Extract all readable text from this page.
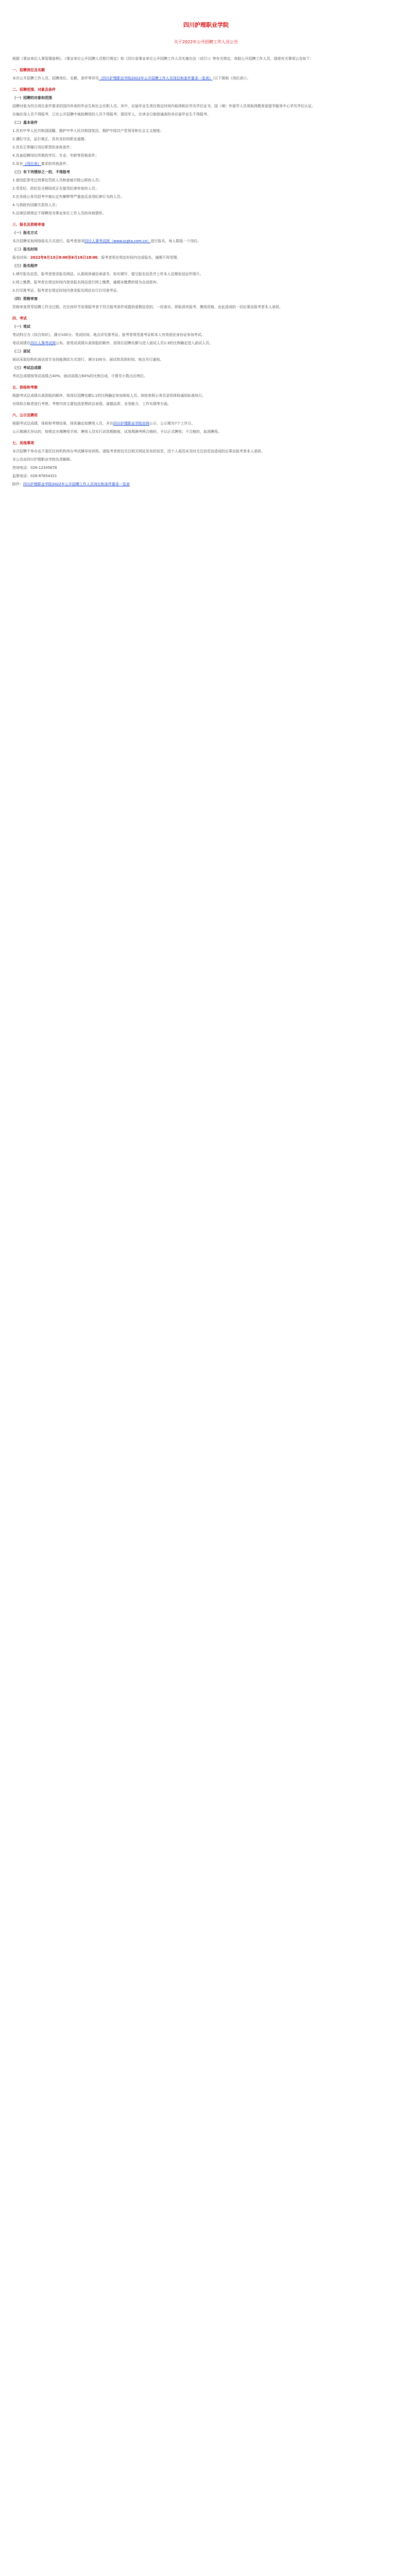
四川护理职业学院
关于2022年公开招聘工作人员公告

根据《事业单位人事管理条例》、《事业单位公开招聘人员暂行规定》和《四川省事业单位公开招聘工作人员实施办法（试行）》等有关规定，我院公开招聘工作人员，现将有关事项公告如下：

一、招聘岗位及名额

本次公开招聘工作人员，招聘岗位、名额、条件等详见《四川护理职业学院2022年公开招聘工作人员岗位和条件要求一览表》（以下简称《岗位表》）。

二、招聘范围、对象及条件

（一）招聘的对象和范围

招聘对象为符合岗位条件要求的国内外高校毕业生和社会在职人员。其中，应届毕业生须在规定时间内取得相应学历学位证书，国（境）外留学人员须取得教育部留学服务中心学历学位认证。

在编在岗人员不得报考，已在公开招聘中被拟聘用的人员不得报考，现役军人、在读全日制普通高校非应届毕业生不得报考。

（二）基本条件

1.具有中华人民共和国国籍，拥护中华人民共和国宪法，拥护中国共产党领导和社会主义制度；

2.遵纪守法，品行端正，具有良好的职业道德；

3.具有正常履行岗位职责的身体条件；

4.具备招聘岗位所需的学历、专业、年龄等资格条件；

5.具有《岗位表》要求的其他条件。

（三）有下列情形之一的，不得报考

1.曾因犯罪受过刑事处罚的人员和曾被开除公职的人员；

2.受党纪、政纪处分期间或正在接受纪律审查的人员；

3.在各级公务员招考中被认定有舞弊等严重违反录用纪律行为的人员；

4.与我院有回避关系的人员；

5.法律法规规定不得聘用为事业单位工作人员的其他情形。

三、报名及资格审查

（一）报名方式

本次招聘采取网络报名方式进行。报考者登录四川人事考试网（www.scpta.com.cn）进行报名，每人限报一个岗位。

（二）报名时间

报名时间：2022年6月13日9:00至6月19日18:00。报考者须在规定时间内完成报名，逾期不再受理。

（三）报名程序

1.填写报名信息。报考者登录报名网站，认真阅读诚信承诺书，如实填写、提交报名信息并上传本人近期免冠证件照片。

2.网上缴费。报考者在规定时间内登录报名网站进行网上缴费，逾期未缴费的视为自动放弃。

3.打印准考证。报考者在规定时间内登录报名网站自行打印准考证。

（四）资格审查

资格审查贯穿招聘工作全过程。在任何环节发现报考者不符合报考条件或提供虚假信息的，一经查实，即取消其报考、聘用资格，由此造成的一切后果由报考者本人承担。

四、考试

（一）笔试

笔试科目为《综合知识》，满分100分。笔试时间、地点详见准考证。报考者须凭准考证和本人有效居民身份证参加考试。

笔试成绩在四川人事考试网公布。按笔试成绩从高到低的顺序，按岗位招聘名额与进入面试人员1:3的比例确定进入面试人员。

（二）面试

面试采取结构化面试或专业技能测试方式进行，满分100分。面试的具体时间、地点另行通知。

（三）考试总成绩

考试总成绩按笔试成绩占40%、面试成绩占60%的比例合成，计算至小数点后两位。

五、体检和考察

根据考试总成绩从高到低的顺序，按岗位招聘名额1:1的比例确定参加体检人员。体检参照公务员录用体检通用标准执行。

对体检合格者进行考察。考察内容主要包括思想政治表现、道德品质、业务能力、工作实绩等方面。

六、公示及聘用

根据考试总成绩、体检和考察结果，择优确定拟聘用人员，并在四川护理职业学院官网公示，公示期为7个工作日。

公示期满无异议的，按规定办理聘用手续。聘用人员实行试用期制度，试用期满考核合格的，予以正式聘用；不合格的，取消聘用。

七、其他事项

本次招聘不举办也不委托任何机构举办考试辅导培训班。请报考者密切关注相关网站发布的信息，因个人原因未及时关注信息而造成的后果由报考者本人承担。

本公告由四川护理职业学院负责解释。

咨询电话：028-12345678

监督电话：028-87654321

附件：四川护理职业学院2022年公开招聘工作人员岗位和条件要求一览表
